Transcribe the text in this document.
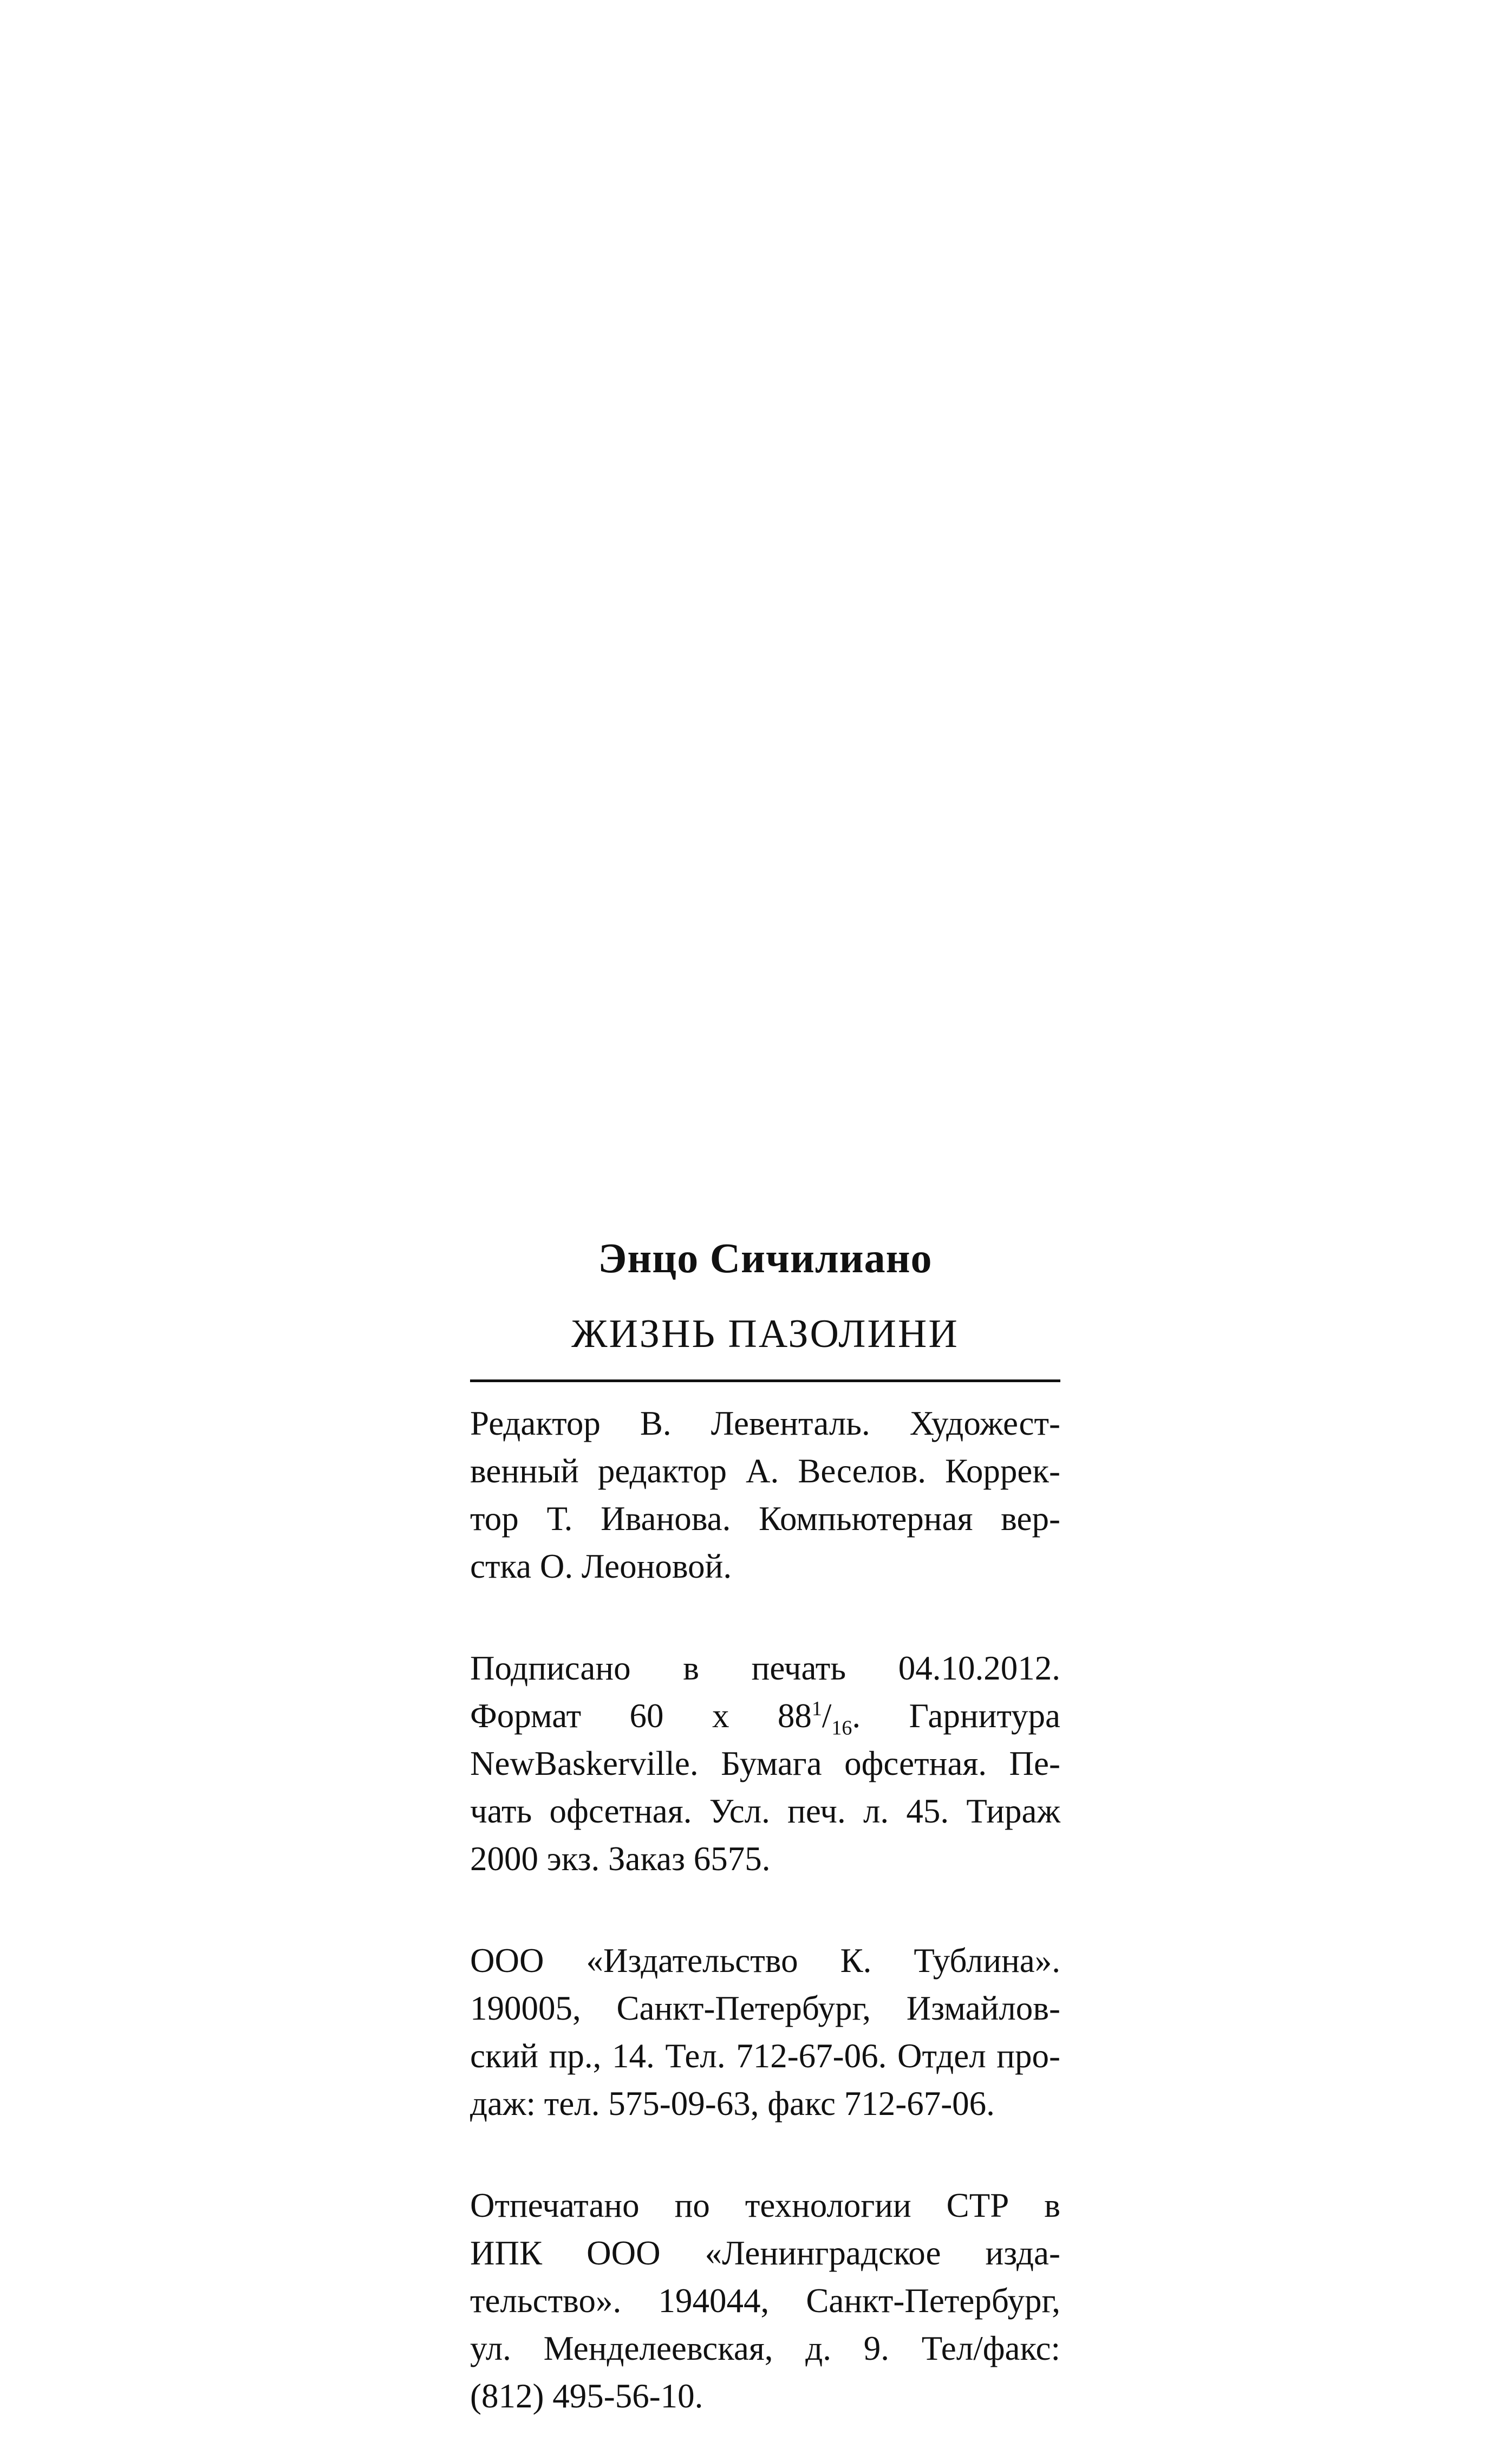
Энцо Сичилиано

ЖИЗНЬ ПАЗОЛИНИ

Редактор В. Левенталь. Художест-
венный редактор А. Веселов. Коррек-
тор Т. Иванова. Компьютерная вер-
стка О. Леоновой.

Подписано в печать 04.10.2012.
Формат 60 x $88^1/_{16}$. Гарнитура
NewBaskerville. Бумага офсетная. Пе-
чать офсетная. Усл. печ. л. 45. Тираж
2000 экз. Заказ 6575.

ООО «Издательство К. Тублина».
190005, Санкт-Петербург, Измайлов-
ский пр., 14. Тел. 712-67-06. Отдел про-
даж: тел. 575-09-63, факс 712-67-06.

Отпечатано по технологии СТР в
ИПК ООО «Ленинградское изда-
тельство». 194044, Санкт-Петербург,
ул. Менделеевская, д. 9. Тел/факс:
(812) 495-56-10.
